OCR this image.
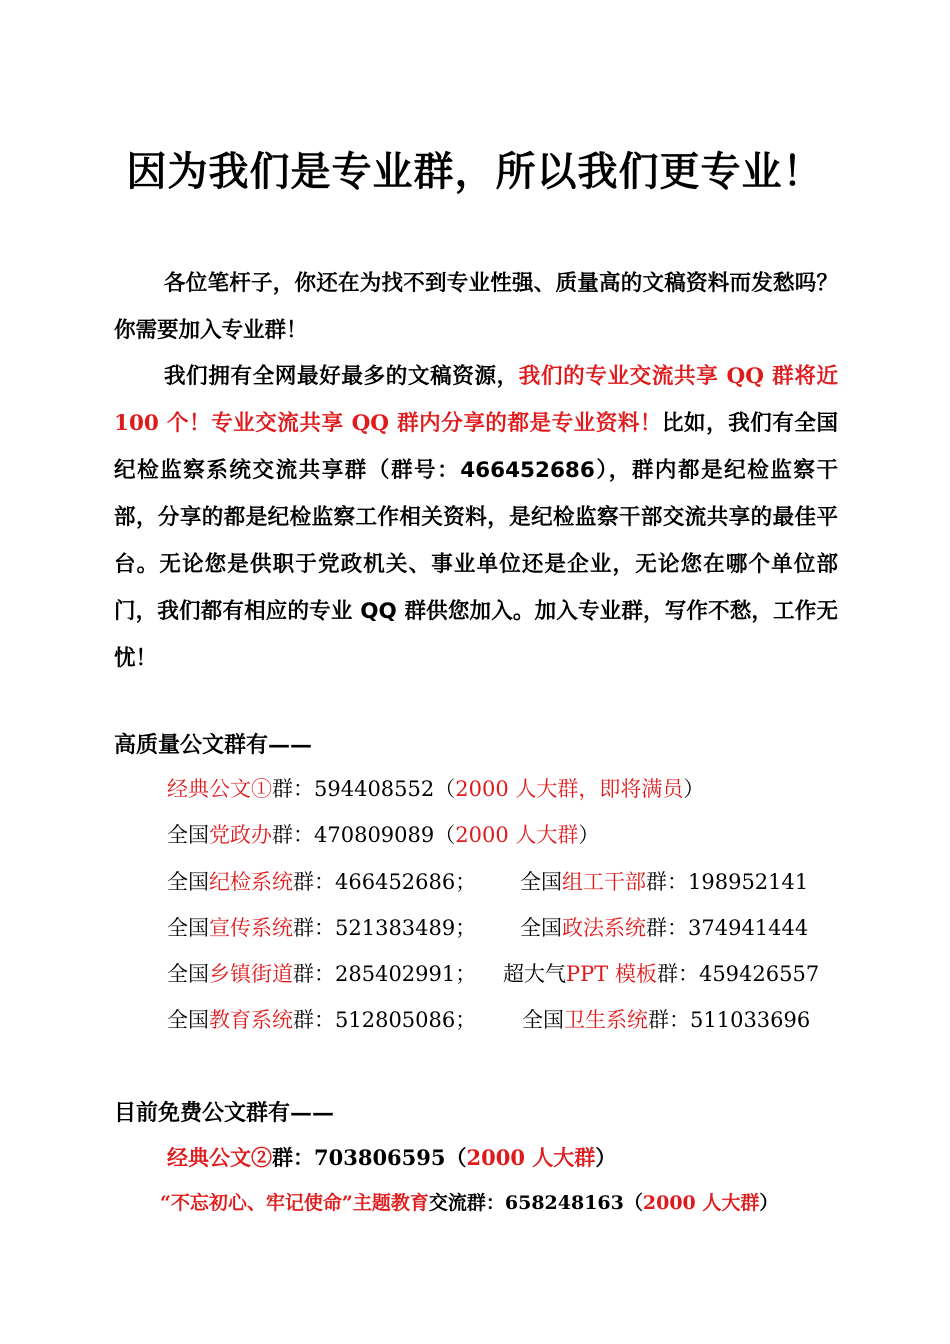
因为我们是专业群，所以我们更专业！
各位笔杆子，你还在为找不到专业性强、质量高的文稿资料而发愁吗？你需要加入专业群！
我们拥有全网最好最多的文稿资源，我们的专业交流共享 QQ 群将近 100 个！专业交流共享 QQ 群内分享的都是专业资料！比如，我们有全国纪检监察系统交流共享群（群号：466452686），群内都是纪检监察干部，分享的都是纪检监察工作相关资料，是纪检监察干部交流共享的最佳平台。无论您是供职于党政机关、事业单位还是企业，无论您在哪个单位部门，我们都有相应的专业 QQ 群供您加入。加入专业群，写作不愁，工作无忧！
高质量公文群有——
经典公文①群：594408552（2000 人大群，即将满员）
全国党政办群：470809089（2000 人大群）
全国纪检系统群：466452686； 全国组工干部群：198952141
全国宣传系统群：521383489； 全国政法系统群：374941444
全国乡镇街道群：285402991； 超大气PPT 模板群：459426557
全国教育系统群：512805086； 全国卫生系统群：511033696
目前免费公文群有——
经典公文②群：703806595（2000 人大群）
“不忘初心、牢记使命”主题教育交流群：658248163（2000 人大群）
